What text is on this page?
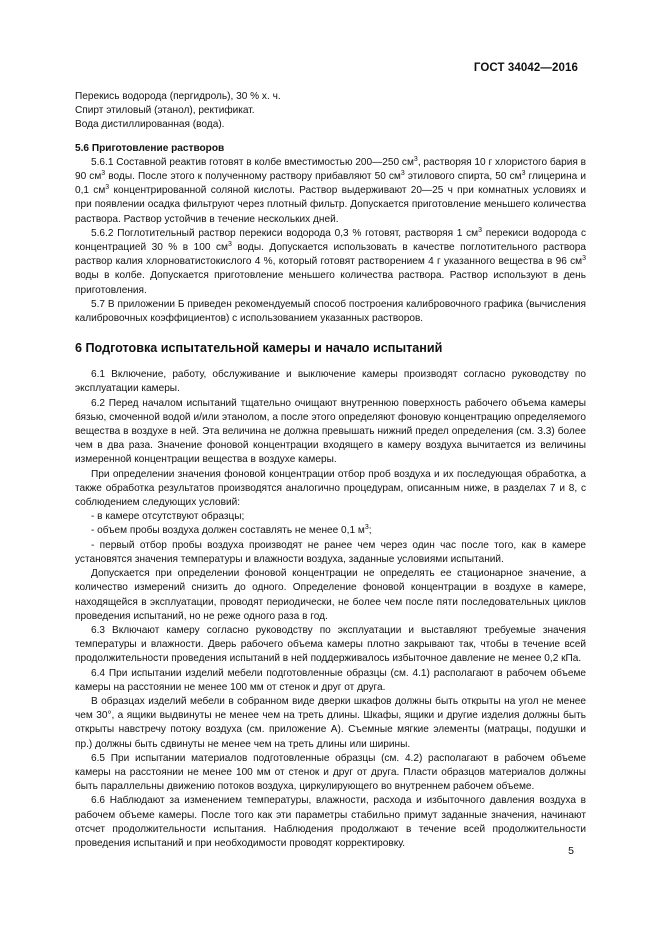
ГОСТ 34042—2016

Перекись водорода (пергидроль), 30 % х. ч.

Спирт этиловый (этанол), ректификат.

Вода дистиллированная (вода).

5.6 Приготовление растворов

5.6.1 Составной реактив готовят в колбе вместимостью 200—250 $см^3$, растворяя 10 г хлористого бария в 90 $см^3$ воды. После этого к полученному раствору прибавляют 50 $см^3$ этилового спирта, 50 $см^3$ глицерина и 0,1 $см^3$ концентрированной соляной кислоты. Раствор выдерживают 20—25 ч при комнатных условиях и при появлении осадка фильтруют через плотный фильтр. Допускается приготовление меньшего количества раствора. Раствор устойчив в течение нескольких дней.

5.6.2 Поглотительный раствор перекиси водорода 0,3 % готовят, растворяя 1 $см^3$ перекиси водорода с концентрацией 30 % в 100 $см^3$ воды. Допускается использовать в качестве поглотительного раствора раствор калия хлорноватистокислого 4 %, который готовят растворением 4 г указанного вещества в 96 $см^3$ воды в колбе. Допускается приготовление меньшего количества раствора. Раствор используют в день приготовления.

5.7 В приложении Б приведен рекомендуемый способ построения калибровочного графика (вычисления калибровочных коэффициентов) с использованием указанных растворов.

6 Подготовка испытательной камеры и начало испытаний

6.1 Включение, работу, обслуживание и выключение камеры производят согласно руководству по эксплуатации камеры.

6.2 Перед началом испытаний тщательно очищают внутреннюю поверхность рабочего объема камеры бязью, смоченной водой и/или этанолом, а после этого определяют фоновую концентрацию определяемого вещества в воздухе в ней. Эта величина не должна превышать нижний предел определения (см. 3.3) более чем в два раза. Значение фоновой концентрации входящего в камеру воздуха вычитается из величины измеренной концентрации вещества в воздухе камеры.

При определении значения фоновой концентрации отбор проб воздуха и их последующая обработка, а также обработка результатов производятся аналогично процедурам, описанным ниже, в разделах 7 и 8, с соблюдением следующих условий:

- в камере отсутствуют образцы;

- объем пробы воздуха должен составлять не менее 0,1 $м^3$;

- первый отбор пробы воздуха производят не ранее чем через один час после того, как в камере установятся значения температуры и влажности воздуха, заданные условиями испытаний.

Допускается при определении фоновой концентрации не определять ее стационарное значение, а количество измерений снизить до одного. Определение фоновой концентрации в воздухе в камере, находящейся в эксплуатации, проводят периодически, не более чем после пяти последовательных циклов проведения испытаний, но не реже одного раза в год.

6.3 Включают камеру согласно руководству по эксплуатации и выставляют требуемые значения температуры и влажности. Дверь рабочего объема камеры плотно закрывают так, чтобы в течение всей продолжительности проведения испытаний в ней поддерживалось избыточное давление не менее 0,2 кПа.

6.4 При испытании изделий мебели подготовленные образцы (см. 4.1) располагают в рабочем объеме камеры на расстоянии не менее 100 мм от стенок и друг от друга.

В образцах изделий мебели в собранном виде дверки шкафов должны быть открыты на угол не менее чем 30°, а ящики выдвинуты не менее чем на треть длины. Шкафы, ящики и другие изделия должны быть открыты навстречу потоку воздуха (см. приложение А). Съемные мягкие элементы (матрацы, подушки и пр.) должны быть сдвинуты не менее чем на треть длины или ширины.

6.5 При испытании материалов подготовленные образцы (см. 4.2) располагают в рабочем объеме камеры на расстоянии не менее 100 мм от стенок и друг от друга. Пласти образцов материалов должны быть параллельны движению потоков воздуха, циркулирующего во внутреннем рабочем объеме.

6.6 Наблюдают за изменением температуры, влажности, расхода и избыточного давления воздуха в рабочем объеме камеры. После того как эти параметры стабильно примут заданные значения, начинают отсчет продолжительности испытания. Наблюдения продолжают в течение всей продолжительности проведения испытаний и при необходимости проводят корректировку.

5
